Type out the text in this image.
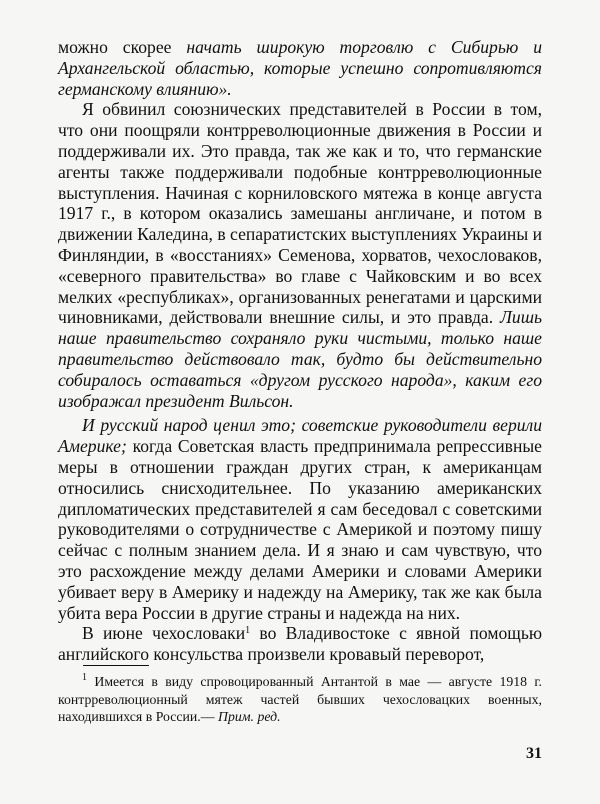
можно скорее начать широкую торговлю с Сибирью и Архангельской областью, которые успешно сопротивляются германскому влиянию».

Я обвинил союзнических представителей в России в том, что они поощряли контрреволюционные движения в России и поддерживали их. Это правда, так же как и то, что германские агенты также поддерживали подобные контрреволюционные выступления. Начиная с корниловского мятежа в конце августа 1917 г., в котором оказались замешаны англичане, и потом в движении Каледина, в сепаратистских выступлениях Украины и Финляндии, в «восстаниях» Семенова, хорватов, чехословаков, «северного правительства» во главе с Чайковским и во всех мелких «республиках», организованных ренегатами и царскими чиновниками, действовали внешние силы, и это правда. Лишь наше правительство сохраняло руки чистыми, только наше правительство действовало так, будто бы действительно собиралось оставаться «другом русского народа», каким его изображал президент Вильсон.

И русский народ ценил это; советские руководители верили Америке; когда Советская власть предпринимала репрессивные меры в отношении граждан других стран, к американцам относились снисходительнее. По указанию американских дипломатических представителей я сам беседовал с советскими руководителями о сотрудничестве с Америкой и поэтому пишу сейчас с полным знанием дела. И я знаю и сам чувствую, что это расхождение между делами Америки и словами Америки убивает веру в Америку и надежду на Америку, так же как была убита вера России в другие страны и надежда на них.

В июне чехословаки$^1$ во Владивостоке с явной помощью английского консульства произвели кровавый переворот,

$^1$ Имеется в виду спровоцированный Антантой в мае — августе 1918 г. контрреволюционный мятеж частей бывших чехословацких военных, находившихся в России.— Прим. ред.

31
